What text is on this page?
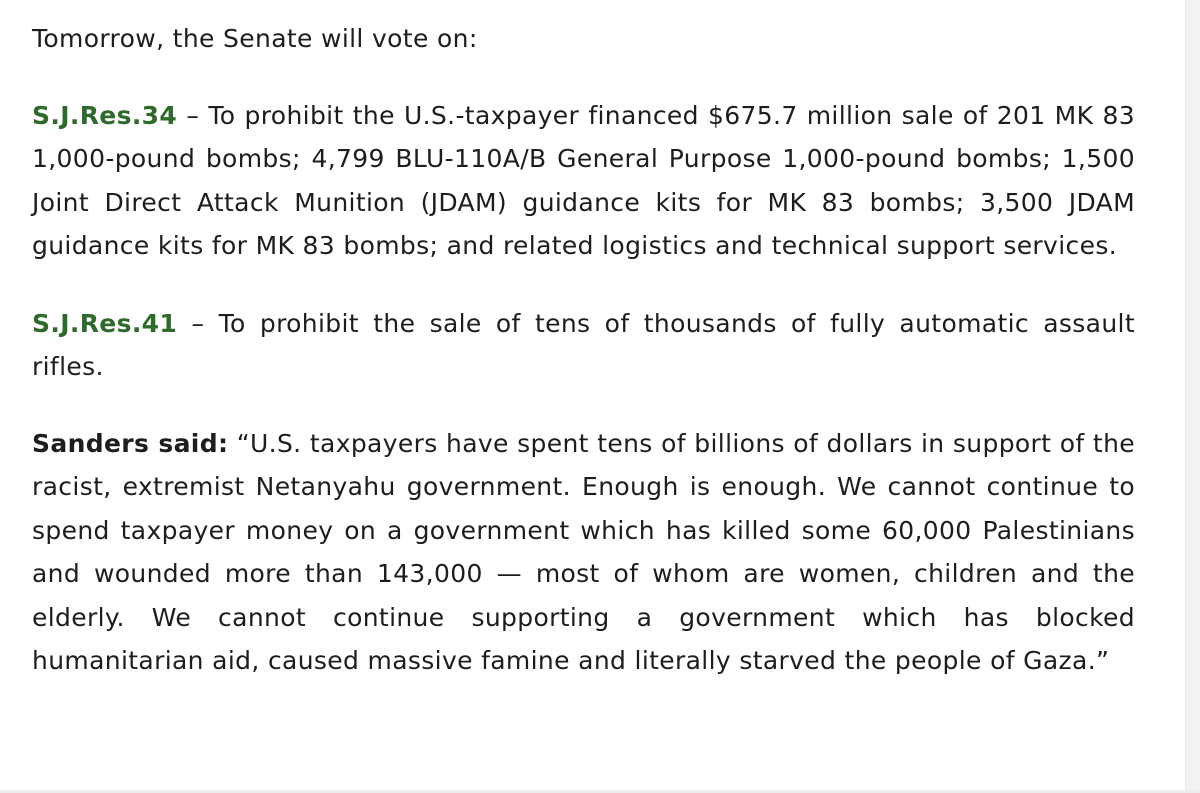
Tomorrow, the Senate will vote on:

S.J.Res.34 – To prohibit the U.S.-taxpayer financed $675.7 million sale of 201 MK 83 1,000-pound bombs; 4,799 BLU-110A/B General Purpose 1,000-pound bombs; 1,500 Joint Direct Attack Munition (JDAM) guidance kits for MK 83 bombs; 3,500 JDAM guidance kits for MK 83 bombs; and related logistics and technical support services.

S.J.Res.41 – To prohibit the sale of tens of thousands of fully automatic assault rifles.

Sanders said: “U.S. taxpayers have spent tens of billions of dollars in support of the racist, extremist Netanyahu government. Enough is enough. We cannot continue to spend taxpayer money on a government which has killed some 60,000 Palestinians and wounded more than 143,000 — most of whom are women, children and the elderly. We cannot continue supporting a government which has blocked humanitarian aid, caused massive famine and literally starved the people of Gaza.”
